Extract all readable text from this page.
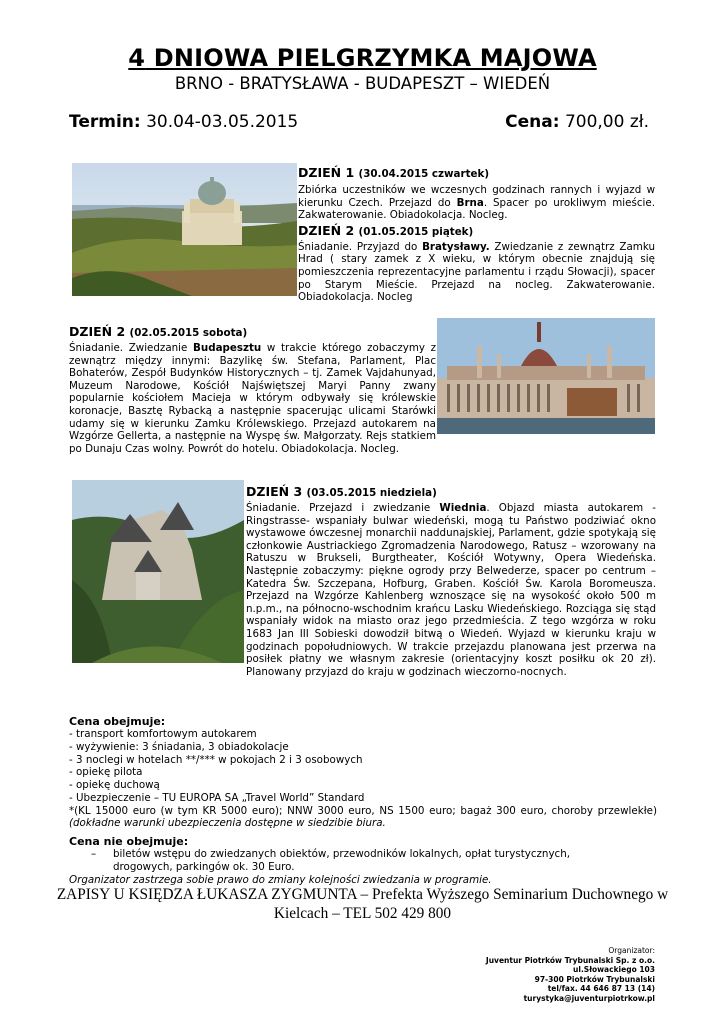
4 DNIOWA PIELGRZYMKA MAJOWA
BRNO - BRATYSŁAWA - BUDAPESZT – WIEDEŃ
Termin: 30.04-03.05.2015	Cena: 700,00 zł.
DZIEŃ 1 (30.04.2015 czwartek)
Zbiórka uczestników we wczesnych godzinach rannych i wyjazd w kierunku Czech. Przejazd do Brna. Spacer po urokliwym mieście. Zakwaterowanie. Obiadokolacja. Nocleg.
DZIEŃ 2 (01.05.2015 piątek)
Śniadanie. Przyjazd do Bratysławy. Zwiedzanie z zewnątrz Zamku Hrad ( stary zamek z X wieku, w którym obecnie znajdują się pomieszczenia reprezentacyjne parlamentu i rządu Słowacji), spacer po Starym Mieście. Przejazd na nocleg. Zakwaterowanie. Obiadokolacja. Nocleg
DZIEŃ 2 (02.05.2015 sobota)
Śniadanie. Zwiedzanie Budapesztu w trakcie którego zobaczymy z zewnątrz między innymi: Bazylikę św. Stefana, Parlament, Plac Bohaterów, Zespół Budynków Historycznych – tj. Zamek Vajdahunyad, Muzeum Narodowe, Kościół Najświętszej Maryi Panny zwany popularnie kościołem Macieja w którym odbywały się królewskie koronacje, Basztę Rybacką a następnie spacerując ulicami Starówki udamy się w kierunku Zamku Królewskiego. Przejazd autokarem na Wzgórze Gellerta, a następnie na Wyspę św. Małgorzaty. Rejs statkiem po Dunaju Czas wolny. Powrót do hotelu. Obiadokolacja. Nocleg.
DZIEŃ 3 (03.05.2015 niedziela)
Śniadanie. Przejazd i zwiedzanie Wiednia. Objazd miasta autokarem - Ringstrasse- wspaniały bulwar wiedeński, mogą tu Państwo podziwiać okno wystawowe ówczesnej monarchii naddunajskiej, Parlament, gdzie spotykają się członkowie Austriackiego Zgromadzenia Narodowego, Ratusz – wzorowany na Ratuszu w Brukseli, Burgtheater, Kościół Wotywny, Opera Wiedeńska. Następnie zobaczymy: piękne ogrody przy Belwederze, spacer po centrum – Katedra Św. Szczepana, Hofburg, Graben. Kościół Św. Karola Boromeusza. Przejazd na Wzgórze Kahlenberg wznoszące się na wysokość około 500 m n.p.m., na północno-wschodnim krańcu Lasku Wiedeńskiego. Rozciąga się stąd wspaniały widok na miasto oraz jego przedmieścia. Z tego wzgórza w roku 1683 Jan III Sobieski dowodził bitwą o Wiedeń. Wyjazd w kierunku kraju w godzinach popołudniowych. W trakcie przejazdu planowana jest przerwa na posiłek płatny we własnym zakresie (orientacyjny koszt posiłku ok 20 zł). Planowany przyjazd do kraju w godzinach wieczorno-nocnych.
Cena obejmuje:
- transport komfortowym autokarem
- wyżywienie: 3 śniadania, 3 obiadokolacje
- 3 noclegi w hotelach **/*** w pokojach 2 i 3 osobowych
- opiekę pilota
- opiekę duchową
- Ubezpieczenie – TU EUROPA SA „Travel World” Standard
*(KL 15000 euro (w tym KR 5000 euro); NNW 3000 euro, NS 1500 euro; bagaż 300 euro, choroby przewlekłe)(dokładne warunki ubezpieczenia dostępne w siedzibie biura.
Cena nie obejmuje:
– biletów wstępu do zwiedzanych obiektów, przewodników lokalnych, opłat turystycznych, drogowych, parkingów ok. 30 Euro.
Organizator zastrzega sobie prawo do zmiany kolejności zwiedzania w programie.
ZAPISY U KSIĘDZA ŁUKASZA ZYGMUNTA – Prefekta Wyższego Seminarium Duchownego w
Kielcach – TEL 502 429 800
Organizator:
Juventur Piotrków Trybunalski Sp. z o.o.
ul.Słowackiego 103
97-300 Piotrków Trybunalski
tel/fax. 44 646 87 13 (14)
turystyka@juventurpiotrkow.pl
